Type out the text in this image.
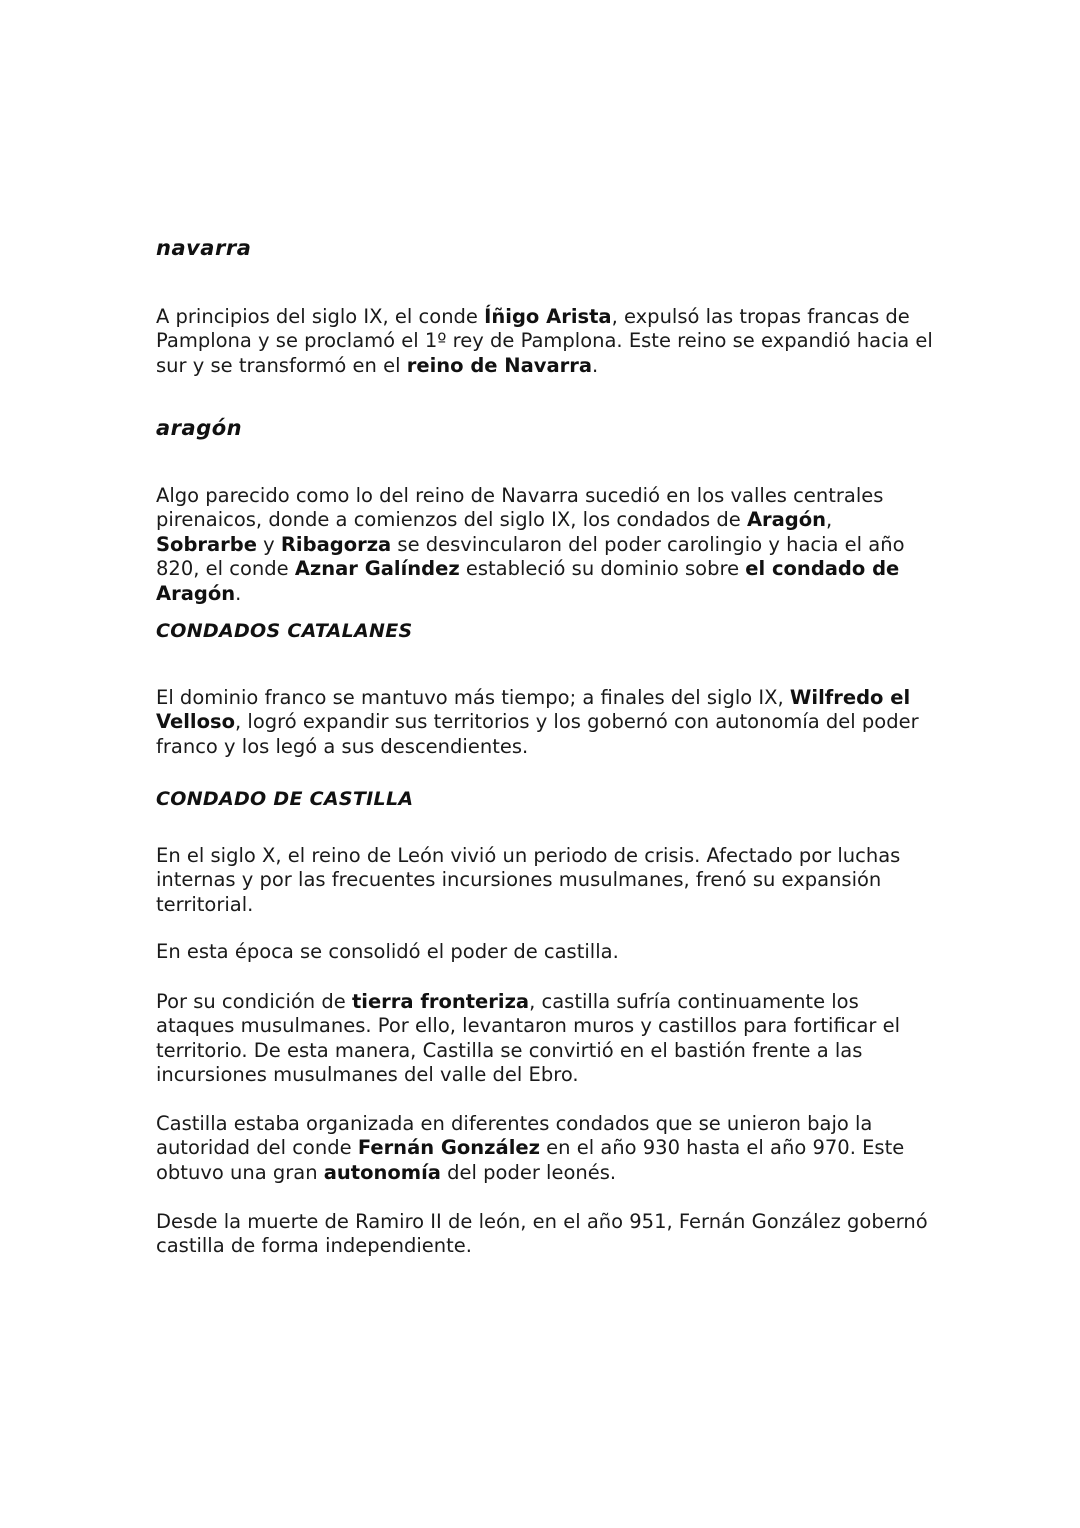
navarra

A principios del siglo IX, el conde Íñigo Arista, expulsó las tropas francas de Pamplona y se proclamó el 1º rey de Pamplona. Este reino se expandió hacia el sur y se transformó en el reino de Navarra.

aragón

Algo parecido como lo del reino de Navarra sucedió en los valles centrales pirenaicos, donde a comienzos del siglo IX, los condados de Aragón, Sobrarbe y Ribagorza se desvincularon del poder carolingio y hacia el año 820, el conde Aznar Galíndez estableció su dominio sobre el condado de Aragón.

CONDADOS CATALANES

El dominio franco se mantuvo más tiempo; a finales del siglo IX, Wilfredo el Velloso, logró expandir sus territorios y los gobernó con autonomía del poder franco y los legó a sus descendientes.

CONDADO DE CASTILLA

En el siglo X, el reino de León vivió un periodo de crisis. Afectado por luchas internas y por las frecuentes incursiones musulmanes, frenó su expansión territorial.

En esta época se consolidó el poder de castilla.

Por su condición de tierra fronteriza, castilla sufría continuamente los ataques musulmanes. Por ello, levantaron muros y castillos para fortificar el territorio. De esta manera, Castilla se convirtió en el bastión frente a las incursiones musulmanes del valle del Ebro.

Castilla estaba organizada en diferentes condados que se unieron bajo la autoridad del conde Fernán González en el año 930 hasta el año 970. Este obtuvo una gran autonomía del poder leonés.

Desde la muerte de Ramiro II de león, en el año 951, Fernán González gobernó castilla de forma independiente.
